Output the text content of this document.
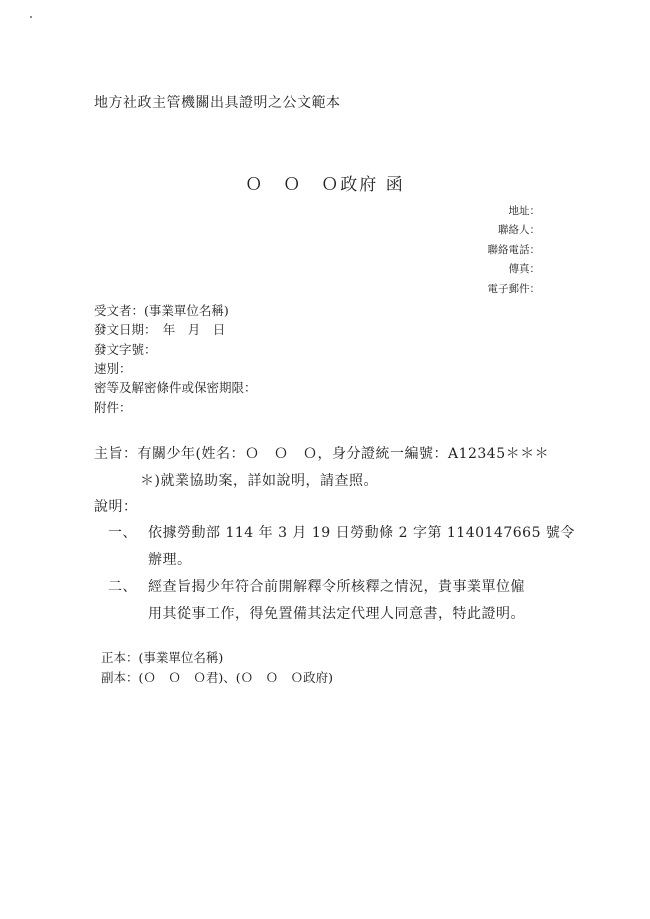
地方社政主管機關出具證明之公文範本
Ｏ　Ｏ　Ｏ政府 函
地址：
聯絡人：
聯絡電話：
傳真：
電子郵件：
受文者：(事業單位名稱)
發文日期：　年　月　日
發文字號：
速別：
密等及解密條件或保密期限：
附件：
主旨：有關少年(姓名：Ｏ　Ｏ　Ｏ，身分證統一編號：A12345＊＊＊
＊)就業協助案，詳如說明，請查照。
說明：
一、 依據勞動部 114 年 3 月 19 日勞動條 2 字第 1140147665 號令
辦理。
二、 經查旨揭少年符合前開解釋令所核釋之情況，貴事業單位僱
用其從事工作，得免置備其法定代理人同意書，特此證明。
正本：(事業單位名稱)
副本：(Ｏ　Ｏ　Ｏ君)、(Ｏ　Ｏ　Ｏ政府)
